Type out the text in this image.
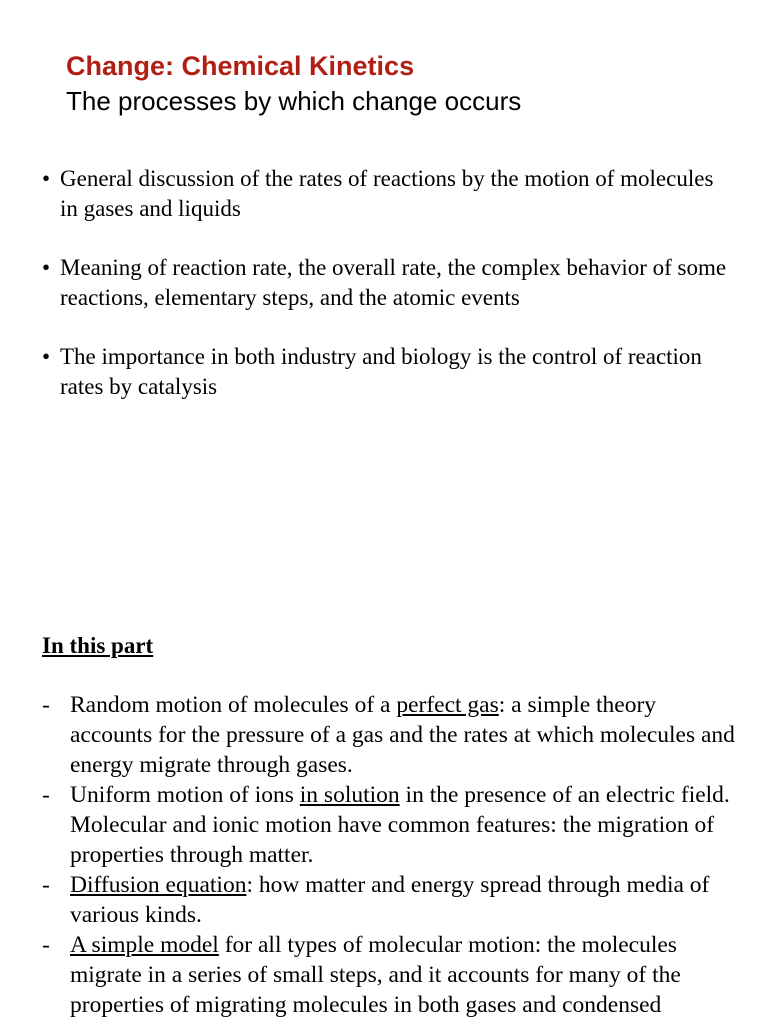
Change: Chemical Kinetics
The processes by which change occurs
• General discussion of the rates of reactions by the motion of molecules in gases and liquids
• Meaning of reaction rate, the overall rate, the complex behavior of some reactions, elementary steps, and the atomic events
• The importance in both industry and biology is the control of reaction rates by catalysis
In this part
- Random motion of molecules of a perfect gas: a simple theory accounts for the pressure of a gas and the rates at which molecules and energy migrate through gases.
- Uniform motion of ions in solution in the presence of an electric field. Molecular and ionic motion have common features: the migration of properties through matter.
- Diffusion equation: how matter and energy spread through media of various kinds.
- A simple model for all types of molecular motion: the molecules migrate in a series of small steps, and it accounts for many of the properties of migrating molecules in both gases and condensed
